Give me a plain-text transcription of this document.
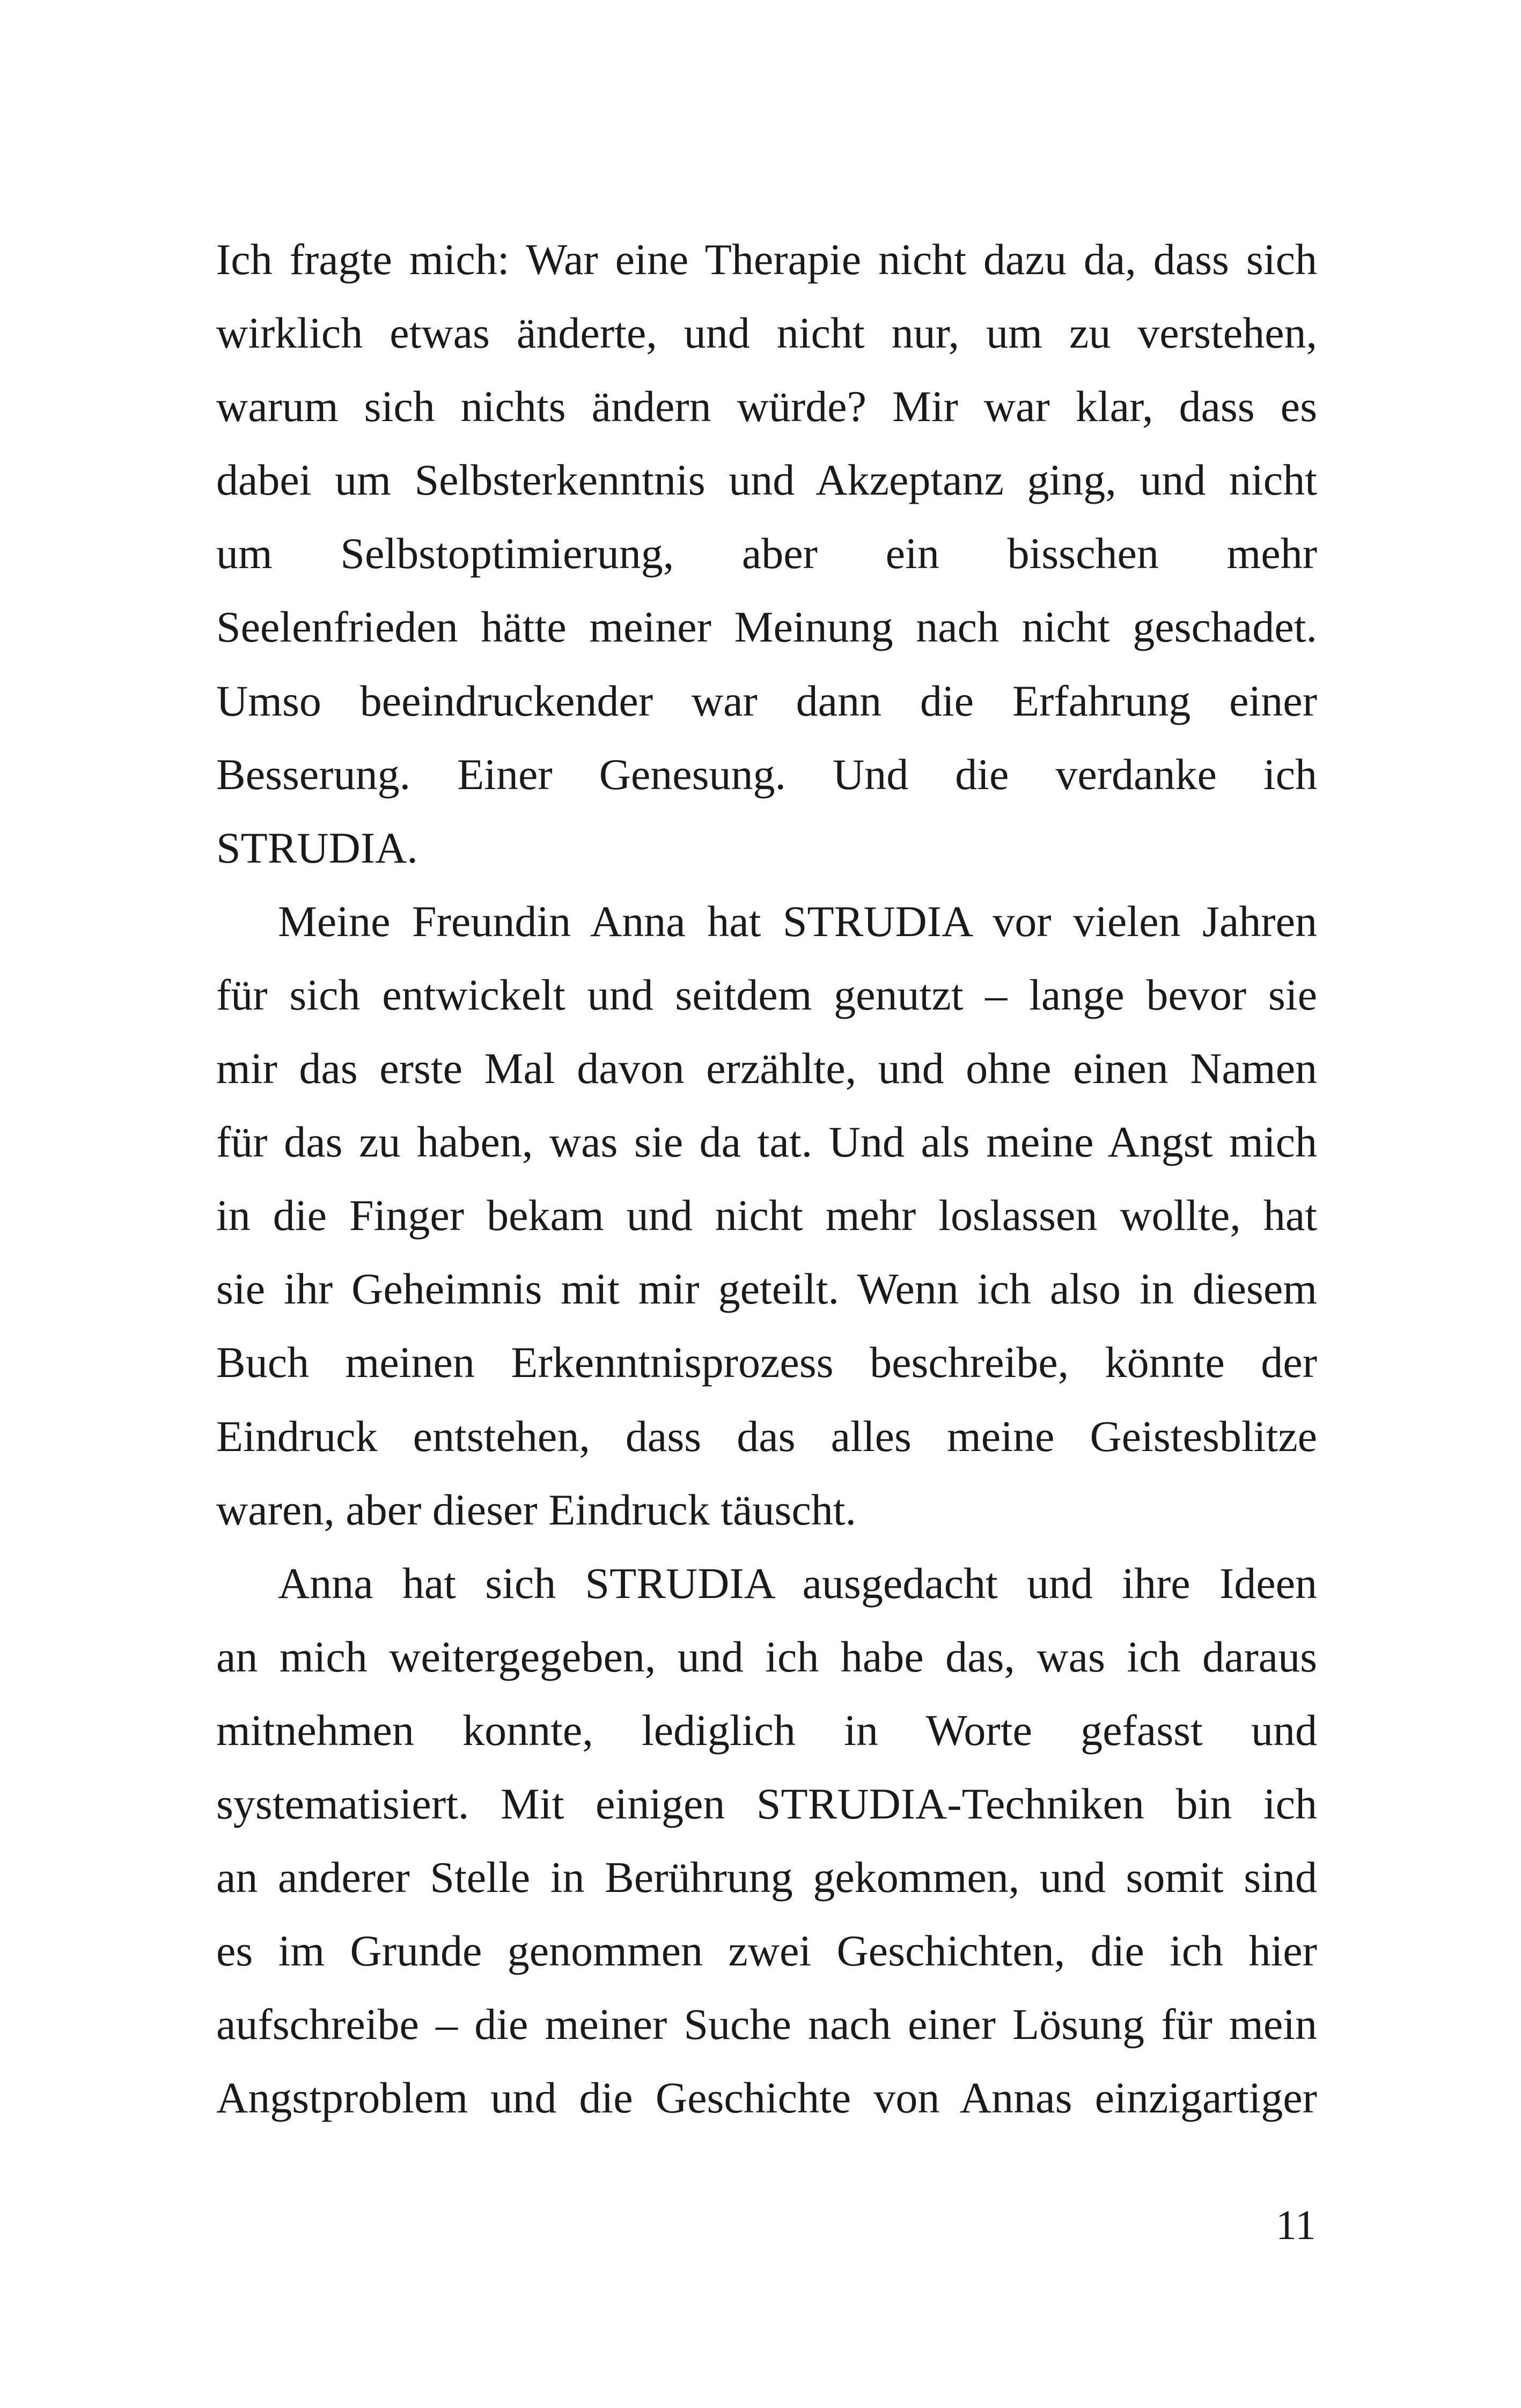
Ich fragte mich: War eine Therapie nicht dazu da, dass sich
wirklich etwas änderte, und nicht nur, um zu verstehen,
warum sich nichts ändern würde? Mir war klar, dass es
dabei um Selbsterkenntnis und Akzeptanz ging, und nicht
um Selbstoptimierung, aber ein bisschen mehr
Seelenfrieden hätte meiner Meinung nach nicht geschadet.
Umso beeindruckender war dann die Erfahrung einer
Besserung. Einer Genesung. Und die verdanke ich
STRUDIA.
Meine Freundin Anna hat STRUDIA vor vielen Jahren
für sich entwickelt und seitdem genutzt – lange bevor sie
mir das erste Mal davon erzählte, und ohne einen Namen
für das zu haben, was sie da tat. Und als meine Angst mich
in die Finger bekam und nicht mehr loslassen wollte, hat
sie ihr Geheimnis mit mir geteilt. Wenn ich also in diesem
Buch meinen Erkenntnisprozess beschreibe, könnte der
Eindruck entstehen, dass das alles meine Geistesblitze
waren, aber dieser Eindruck täuscht.
Anna hat sich STRUDIA ausgedacht und ihre Ideen
an mich weitergegeben, und ich habe das, was ich daraus
mitnehmen konnte, lediglich in Worte gefasst und
systematisiert. Mit einigen STRUDIA-Techniken bin ich
an anderer Stelle in Berührung gekommen, und somit sind
es im Grunde genommen zwei Geschichten, die ich hier
aufschreibe – die meiner Suche nach einer Lösung für mein
Angstproblem und die Geschichte von Annas einzigartiger
11
